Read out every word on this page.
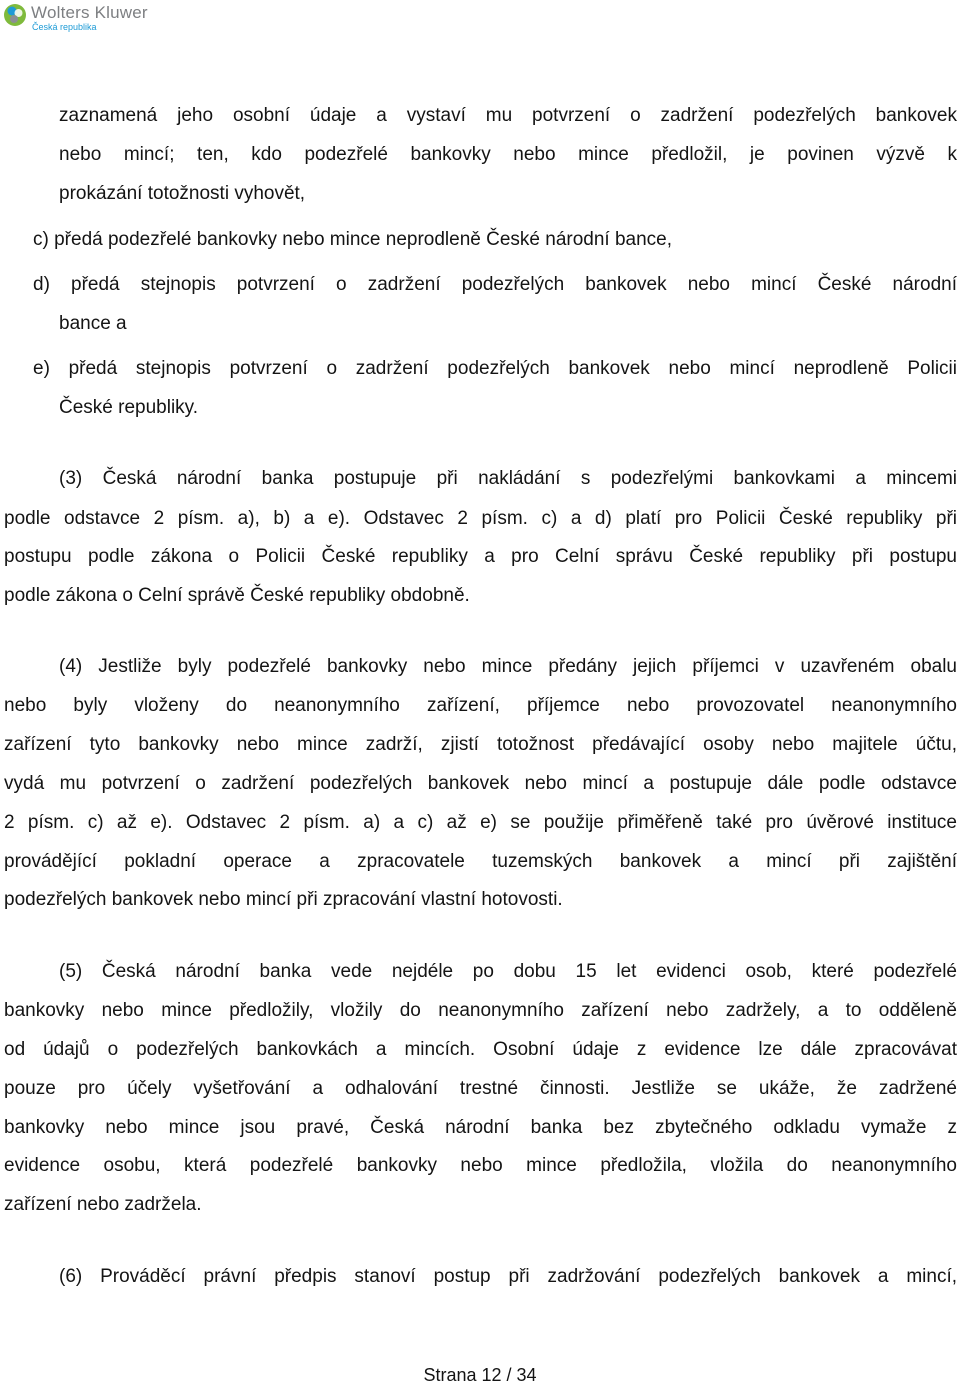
Wolters Kluwer
Česká republika

zaznamená jeho osobní údaje a vystaví mu potvrzení o zadržení podezřelých bankovek

nebo mincí; ten, kdo podezřelé bankovky nebo mince předložil, je povinen výzvě k

prokázání totožnosti vyhovět,

c) předá podezřelé bankovky nebo mince neprodleně České národní bance,

d) předá stejnopis potvrzení o zadržení podezřelých bankovek nebo mincí České národní

bance a

e) předá stejnopis potvrzení o zadržení podezřelých bankovek nebo mincí neprodleně Policii

České republiky.

(3) Česká národní banka postupuje při nakládání s podezřelými bankovkami a mincemi

podle odstavce 2 písm. a), b) a e). Odstavec 2 písm. c) a d) platí pro Policii České republiky při

postupu podle zákona o Policii České republiky a pro Celní správu České republiky při postupu

podle zákona o Celní správě České republiky obdobně.

(4) Jestliže byly podezřelé bankovky nebo mince předány jejich příjemci v uzavřeném obalu

nebo byly vloženy do neanonymního zařízení, příjemce nebo provozovatel neanonymního

zařízení tyto bankovky nebo mince zadrží, zjistí totožnost předávající osoby nebo majitele účtu,

vydá mu potvrzení o zadržení podezřelých bankovek nebo mincí a postupuje dále podle odstavce

2 písm. c) až e). Odstavec 2 písm. a) a c) až e) se použije přiměřeně také pro úvěrové instituce

provádějící pokladní operace a zpracovatele tuzemských bankovek a mincí při zajištění

podezřelých bankovek nebo mincí při zpracování vlastní hotovosti.

(5) Česká národní banka vede nejdéle po dobu 15 let evidenci osob, které podezřelé

bankovky nebo mince předložily, vložily do neanonymního zařízení nebo zadržely, a to odděleně

od údajů o podezřelých bankovkách a mincích. Osobní údaje z evidence lze dále zpracovávat

pouze pro účely vyšetřování a odhalování trestné činnosti. Jestliže se ukáže, že zadržené

bankovky nebo mince jsou pravé, Česká národní banka bez zbytečného odkladu vymaže z

evidence osobu, která podezřelé bankovky nebo mince předložila, vložila do neanonymního

zařízení nebo zadržela.

(6) Prováděcí právní předpis stanoví postup při zadržování podezřelých bankovek a mincí,

Strana 12 / 34
